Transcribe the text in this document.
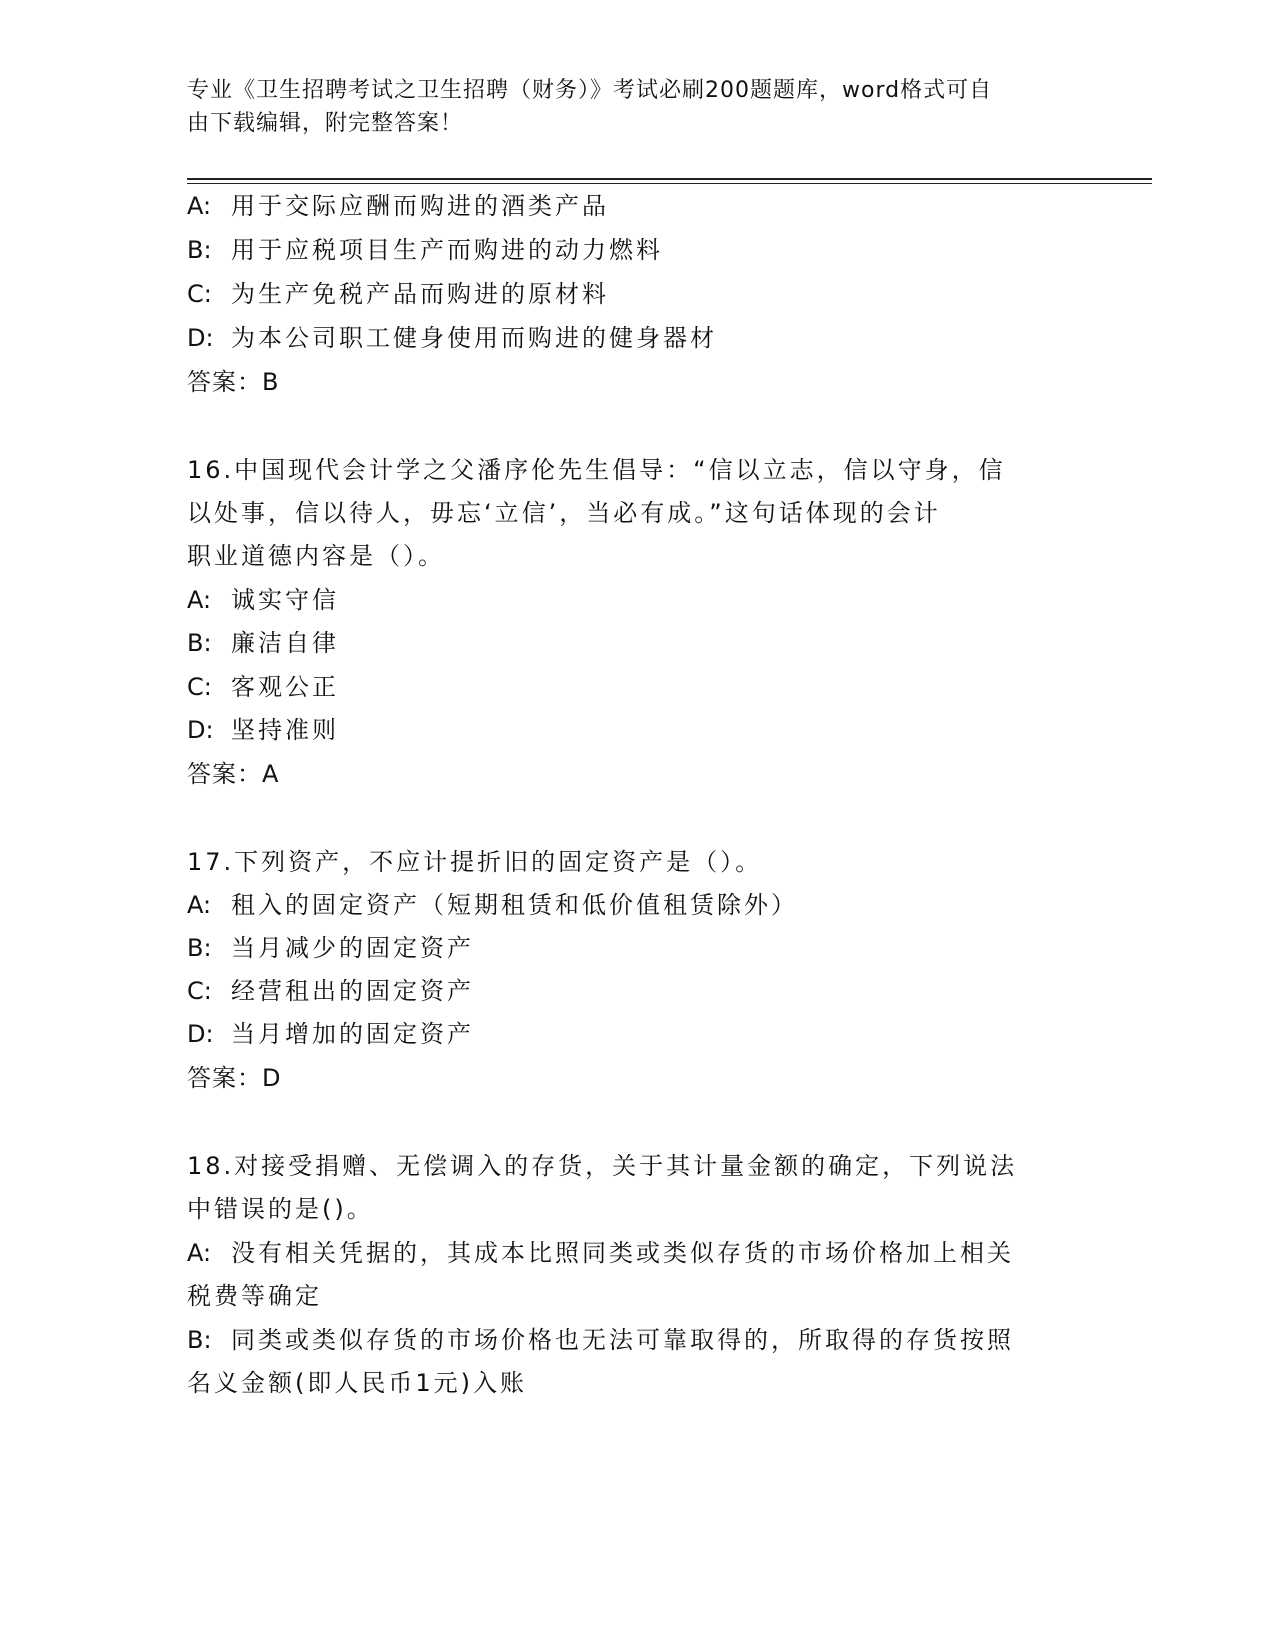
专业《卫生招聘考试之卫生招聘（财务）》考试必刷200题题库，word格式可自
由下载编辑，附完整答案！
A: 用于交际应酬而购进的酒类产品
B: 用于应税项目生产而购进的动力燃料
C: 为生产免税产品而购进的原材料
D: 为本公司职工健身使用而购进的健身器材
答案：B
16.中国现代会计学之父潘序伦先生倡导：“信以立志，信以守身，信
以处事，信以待人，毋忘‘立信’，当必有成。”这句话体现的会计
职业道德内容是（）。
A: 诚实守信
B: 廉洁自律
C: 客观公正
D: 坚持准则
答案：A
17.下列资产，不应计提折旧的固定资产是（）。
A: 租入的固定资产（短期租赁和低价值租赁除外）
B: 当月减少的固定资产
C: 经营租出的固定资产
D: 当月增加的固定资产
答案：D
18.对接受捐赠、无偿调入的存货，关于其计量金额的确定，下列说法
中错误的是()。
A: 没有相关凭据的，其成本比照同类或类似存货的市场价格加上相关
税费等确定
B: 同类或类似存货的市场价格也无法可靠取得的，所取得的存货按照
名义金额(即人民币1元)入账
